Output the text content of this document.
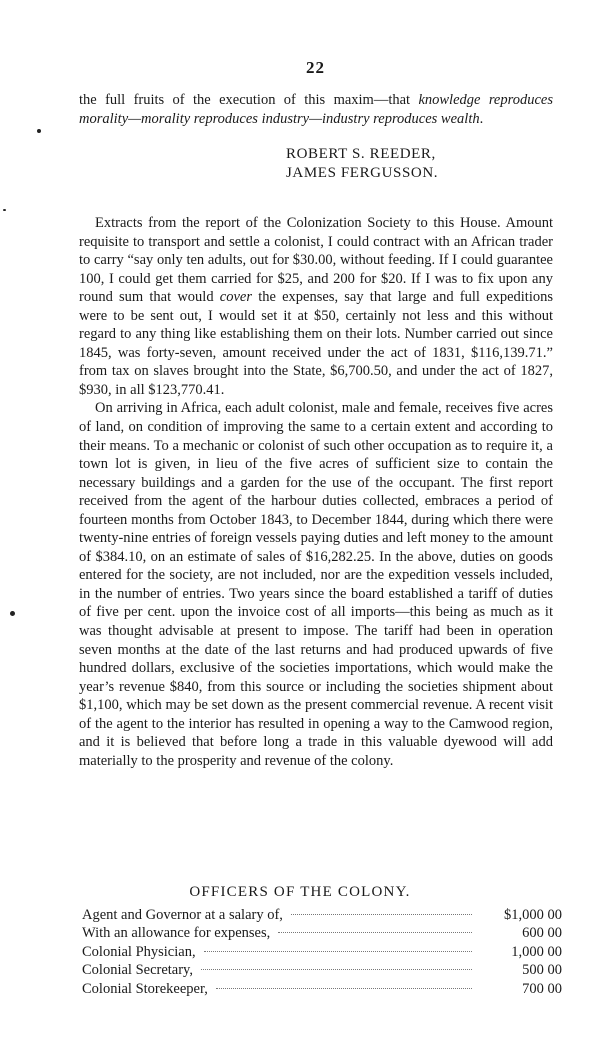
22
the full fruits of the execution of this maxim—that knowledge reproduces morality—morality reproduces industry—industry reproduces wealth.
ROBERT S. REEDER,
JAMES FERGUSSON.

Extracts from the report of the Colonization Society to this House. Amount requisite to transport and settle a colonist, I could contract with an African trader to carry “say only ten adults, out for $30.00, without feeding. If I could guarantee 100, I could get them carried for $25, and 200 for $20. If I was to fix upon any round sum that would cover the expenses, say that large and full expeditions were to be sent out, I would set it at $50, certainly not less and this without regard to any thing like establishing them on their lots. Number carried out since 1845, was forty-seven, amount received under the act of 1831, $116,139.71.” from tax on slaves brought into the State, $6,700.50, and under the act of 1827, $930, in all $123,770.41.

On arriving in Africa, each adult colonist, male and female, receives five acres of land, on condition of improving the same to a certain extent and according to their means. To a mechanic or colonist of such other occupation as to require it, a town lot is given, in lieu of the five acres of sufficient size to contain the necessary buildings and a garden for the use of the occupant. The first report received from the agent of the harbour duties collected, embraces a period of fourteen months from October 1843, to December 1844, during which there were twenty-nine entries of foreign vessels paying duties and left money to the amount of $384.10, on an estimate of sales of $16,282.25. In the above, duties on goods entered for the society, are not included, nor are the expedition vessels included, in the number of entries. Two years since the board established a tariff of duties of five per cent. upon the invoice cost of all imports—this being as much as it was thought advisable at present to impose. The tariff had been in operation seven months at the date of the last returns and had produced upwards of five hundred dollars, exclusive of the societies importations, which would make the year’s revenue $840, from this source or including the societies shipment about $1,100, which may be set down as the present commercial revenue. A recent visit of the agent to the interior has resulted in opening a way to the Camwood region, and it is believed that before long a trade in this valuable dyewood will add materially to the prosperity and revenue of the colony.

OFFICERS OF THE COLONY.
Agent and Governor at a salary of,	$1,000 00
With an allowance for expenses,	600 00
Colonial Physician,	1,000 00
Colonial Secretary,	500 00
Colonial Storekeeper,	700 00
